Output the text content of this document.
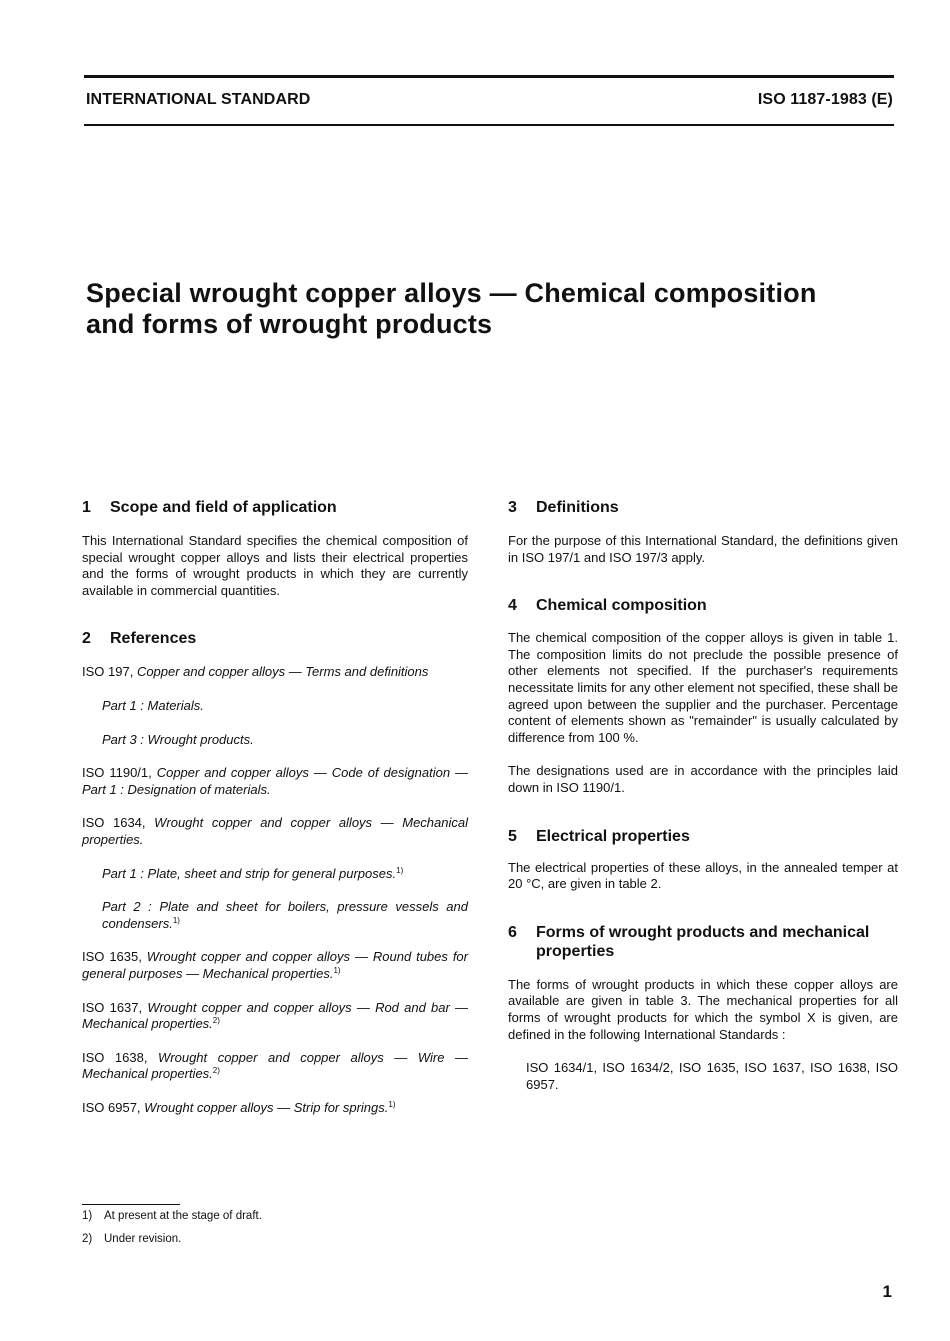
INTERNATIONAL STANDARD	ISO 1187-1983 (E)
Special wrought copper alloys — Chemical composition
and forms of wrought products
1 Scope and field of application

This International Standard specifies the chemical composition of special wrought copper alloys and lists their electrical properties and the forms of wrought products in which they are currently available in commercial quantities.

2 References
ISO 197, Copper and copper alloys — Terms and definitions
Part 1 : Materials.
Part 3 : Wrought products.
ISO 1190/1, Copper and copper alloys — Code of designation — Part 1 : Designation of materials.
ISO 1634, Wrought copper and copper alloys — Mechanical properties.
Part 1 : Plate, sheet and strip for general purposes.$^{1)}$
Part 2 : Plate and sheet for boilers, pressure vessels and condensers.$^{1)}$
ISO 1635, Wrought copper and copper alloys — Round tubes for general purposes — Mechanical properties.$^{1)}$
ISO 1637, Wrought copper and copper alloys — Rod and bar — Mechanical properties.$^{2)}$
ISO 1638, Wrought copper and copper alloys — Wire — Mechanical properties.$^{2)}$
ISO 6957, Wrought copper alloys — Strip for springs.$^{1)}$
3 Definitions

For the purpose of this International Standard, the definitions given in ISO 197/1 and ISO 197/3 apply.

4 Chemical composition

The chemical composition of the copper alloys is given in table 1. The composition limits do not preclude the possible presence of other elements not specified. If the purchaser's requirements necessitate limits for any other element not specified, these shall be agreed upon between the supplier and the purchaser. Percentage content of elements shown as "remainder" is usually calculated by difference from 100 %.

The designations used are in accordance with the principles laid down in ISO 1190/1.

5 Electrical properties

The electrical properties of these alloys, in the annealed temper at 20 °C, are given in table 2.

6 Forms of wrought products and mechanical properties

The forms of wrought products in which these copper alloys are available are given in table 3. The mechanical properties for all forms of wrought products for which the symbol X is given, are defined in the following International Standards :

ISO 1634/1, ISO 1634/2, ISO 1635, ISO 1637, ISO 1638, ISO 6957.

1) At present at the stage of draft.
2) Under revision.
1
